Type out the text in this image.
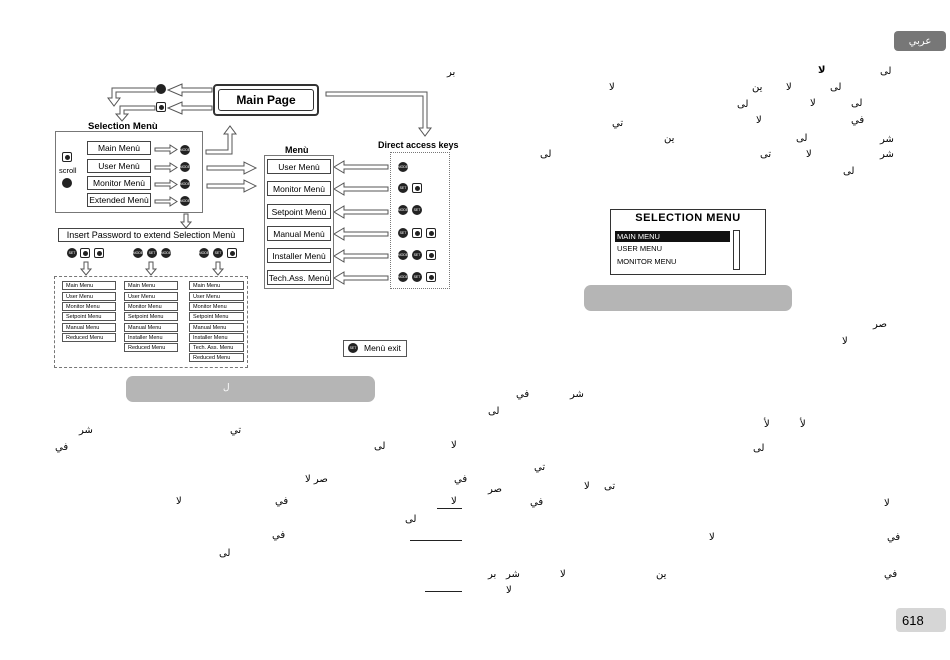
عربي
618
Main Page
Selection Menù
scroll
Main Menù
User Menù
Monitor Menù
Extended Menù
MODE
MODE
MODE
MODE
Menù
User Menù
Monitor Menù
Setpoint Menù
Manual Menù
Installer Menù
Tech.Ass. Menù
Direct access keys
MODE
SET
MODE	SET
SET
MODE	SET
MODE	SET
Insert Password to extend Selection Menù
SET	MODE	SET	MODE	MODE	SET
Main Menu
User Menu
Monitor Menu
Setpoint Menu
Manual Menu
Reduced Menu
Main Menu
User Menu
Monitor Menu
Setpoint Menu
Manual Menu
Installer Menu
Reduced Menu
Main Menu
User Menu
Monitor Menu
Setpoint Menu
Manual Menu
Installer Menu
Tech. Ass. Menu
Reduced Menu
SET Menù exit
ل
SELECTION MENU
MAIN MENU
USER MENU
MONITOR MENU
بر
شر	تي
في	لا
لى
في
صر لا
في
لا	لا
لى
في
لى
لا
لا	لى
ين
لا
لى
لى	لا
لى
في
تي	لا
شر
ين	لى
شر
لا
تى
لى
لى
صر
لا
شر
في
لى
لأ	لأ
لى
تي
صر	تى
لا
في	لا
لا	في
بر شر	لا	ين	في
لا
